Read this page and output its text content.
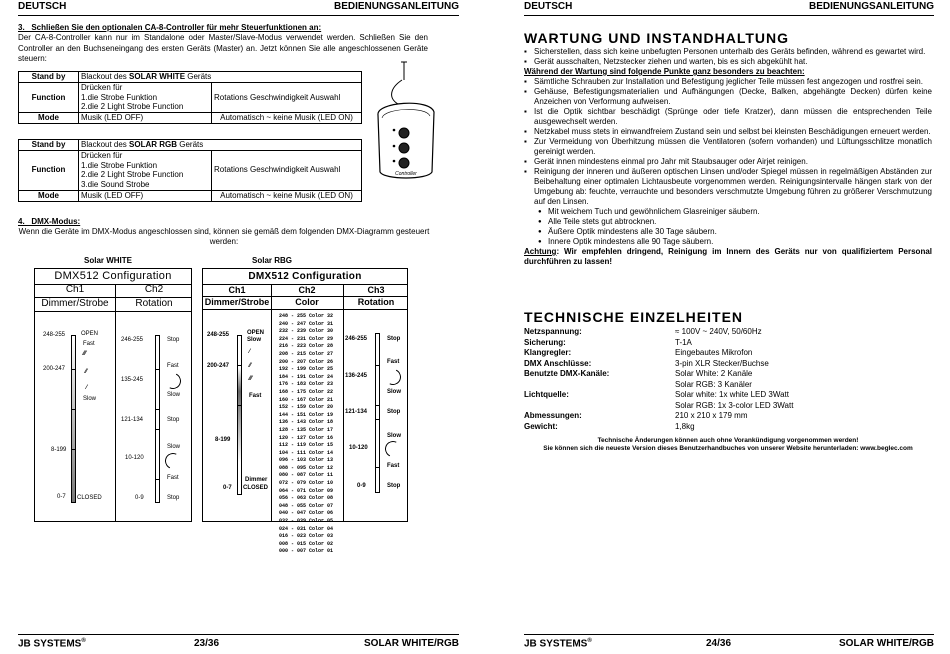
DEUTSCH	BEDIENUNGSANLEITUNG
3.   Schließen Sie den optionalen CA-8-Controller für mehr Steuerfunktionen an:
Der CA-8-Controller kann nur im Standalone oder Master/Slave-Modus verwendet werden. Schließen Sie den Controller an den Buchseneingang des ersten Geräts (Master) an. Jetzt können Sie alle angeschlossenen Geräte steuern:
Stand by	Blackout des SOLAR WHITE Geräts	
Function	Drücken für
1.die Strobe Funktion
2.die 2 Light Strobe Function	Rotations Geschwindigkeit Auswahl
Mode	Musik (LED OFF)	Automatisch ~ keine Musik (LED ON)
Stand by	Blackout des SOLAR RGB Geräts	
Function	Drücken für
1.die Strobe Funktion
2.die 2 Light Strobe Function
3.die Sound Strobe	Rotations Geschwindigkeit Auswahl
Mode	Musik (LED OFF)	Automatisch ~ keine Musik (LED ON)
Controller
4.   DMX-Modus:
Wenn die Geräte im DMX-Modus angeschlossen sind, können sie gemäß dem folgenden DMX-Diagramm gesteuert werden:
Solar WHITE
DMX512 Configuration
Ch1	Ch2
Dimmer/Strobe	Rotation
248-255
200-247
8-199
0-7
OPEN
Fast
⁄⁄⁄
⁄⁄
⁄
Slow
CLOSED
246-255
135-245
121-134
10-120
0-9
Stop
Fast
Slow
Stop
Slow
Fast
Stop
Solar RBG
DMX512 Configuration
Ch1	Ch2	Ch3
Dimmer/Strobe	Color	Rotation
248-255
200-247
8-199
0-7
OPEN
Slow
⁄
⁄⁄
⁄⁄⁄
Fast
Dimmer
CLOSED
248 - 255 Color 32
240 - 247 Color 31
232 - 239 Color 30
224 - 231 Color 29
216 - 223 Color 28
208 - 215 Color 27
200 - 207 Color 26
192 - 199 Color 25
184 - 191 Color 24
176 - 183 Color 23
168 - 175 Color 22
160 - 167 Color 21
152 - 159 Color 20
144 - 151 Color 19
136 - 143 Color 18
128 - 135 Color 17
120 - 127 Color 16
112 - 119 Color 15
104 - 111 Color 14
096 - 103 Color 13
088 - 095 Color 12
080 - 087 Color 11
072 - 079 Color 10
064 - 071 Color 09
056 - 063 Color 08
048 - 055 Color 07
040 - 047 Color 06
032 - 039 Color 05
024 - 031 Color 04
016 - 023 Color 03
008 - 015 Color 02
000 - 007 Color 01
246-255
136-245
121-134
10-120
0-9
Stop
Fast
Slow
Stop
Slow
Fast
Stop
JB SYSTEMS®	23/36	SOLAR WHITE/RGB
DEUTSCH	BEDIENUNGSANLEITUNG
JB SYSTEMS®	24/36	SOLAR WHITE/RGB
WARTUNG UND INSTANDHALTUNG
▪ Sicherstellen, dass sich keine unbefugten Personen unterhalb des Geräts befinden, während es gewartet wird.
▪ Gerät ausschalten, Netzstecker ziehen und warten, bis es sich abgekühlt hat.
Während der Wartung sind folgende Punkte ganz besonders zu beachten:
▪ Sämtliche Schrauben zur Installation und Befestigung jeglicher Teile müssen fest angezogen und rostfrei sein.
▪ Gehäuse, Befestigungsmaterialien und Aufhängungen (Decke, Balken, abgehängte Decken) dürfen keine Anzeichen von Verformung aufweisen.
▪ Ist die Optik sichtbar beschädigt (Sprünge oder tiefe Kratzer), dann müssen die entsprechenden Teile ausgewechselt werden.
▪ Netzkabel muss stets in einwandfreiem Zustand sein und selbst bei kleinsten Beschädigungen erneuert werden.
▪ Zur Vermeidung von Überhitzung müssen die Ventilatoren (sofern vorhanden) und Lüftungsschlitze monatlich gereinigt werden.
▪ Gerät innen mindestens einmal pro Jahr mit Staubsauger oder Airjet reinigen.
▪ Reinigung der inneren und äußeren optischen Linsen und/oder Spiegel müssen in regelmäßigen Abständen zur Beibehaltung einer optimalen Lichtausbeute vorgenommen werden. Reinigungsintervalle hängen stark von der Umgebung ab: feuchte, verrauchte und besonders verschmutzte Umgebung führen zu größerer Verschmutzung auf den Linsen.
● Mit weichem Tuch und gewöhnlichem Glasreiniger säubern.
● Alle Teile stets gut abtrocknen.
● Äußere Optik mindestens alle 30 Tage säubern.
● Innere Optik mindestens alle 90 Tage säubern.
Achtung: Wir empfehlen dringend, Reinigung im Innern des Geräts nur von qualifiziertem Personal durchführen zu lassen!
TECHNISCHE EINZELHEITEN
Netzspannung:	≈ 100V ~ 240V, 50/60Hz
Sicherung:	T-1A
Klangregler:	Eingebautes Mikrofon
DMX Anschlüsse:	3-pin XLR Stecker/Buchse
Benutzte DMX-Kanäle:	Solar White: 2 Kanäle
	Solar RGB: 3 Kanäler
Lichtquelle:	Solar white: 1x white LED 3Watt
	Solar RGB: 1x 3-color LED 3Watt
Abmessungen:	210 x 210 x 179 mm
Gewicht:	1,8kg
Technische Änderungen können auch ohne Vorankündigung vorgenommen werden!
Sie können sich die neueste Version dieses Benutzerhandbuches von unserer Website herunterladen: www.beglec.com
